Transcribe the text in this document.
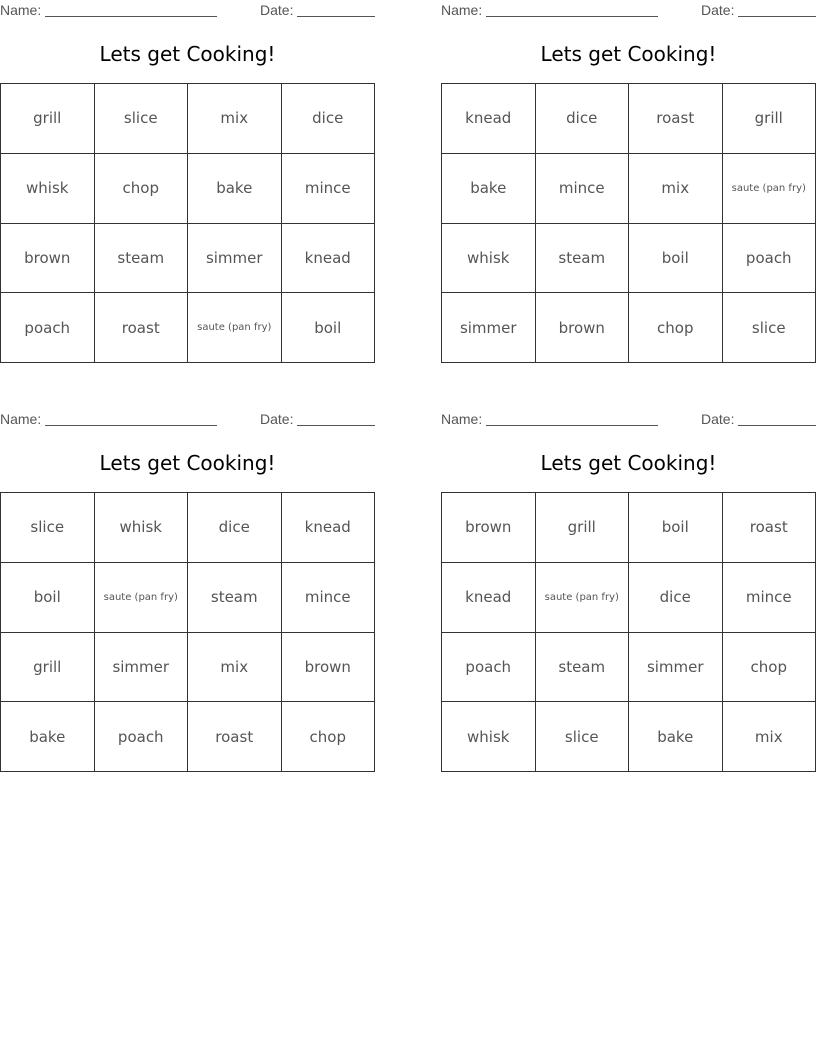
Name:	Date:
Lets get Cooking!
grill	slice	mix	dice
whisk	chop	bake	mince
brown	steam	simmer	knead
poach	roast	saute (pan fry)	boil
Name:	Date:
Lets get Cooking!
knead	dice	roast	grill
bake	mince	mix	saute (pan fry)
whisk	steam	boil	poach
simmer	brown	chop	slice
Name:	Date:
Lets get Cooking!
slice	whisk	dice	knead
boil	saute (pan fry)	steam	mince
grill	simmer	mix	brown
bake	poach	roast	chop
Name:	Date:
Lets get Cooking!
brown	grill	boil	roast
knead	saute (pan fry)	dice	mince
poach	steam	simmer	chop
whisk	slice	bake	mix
